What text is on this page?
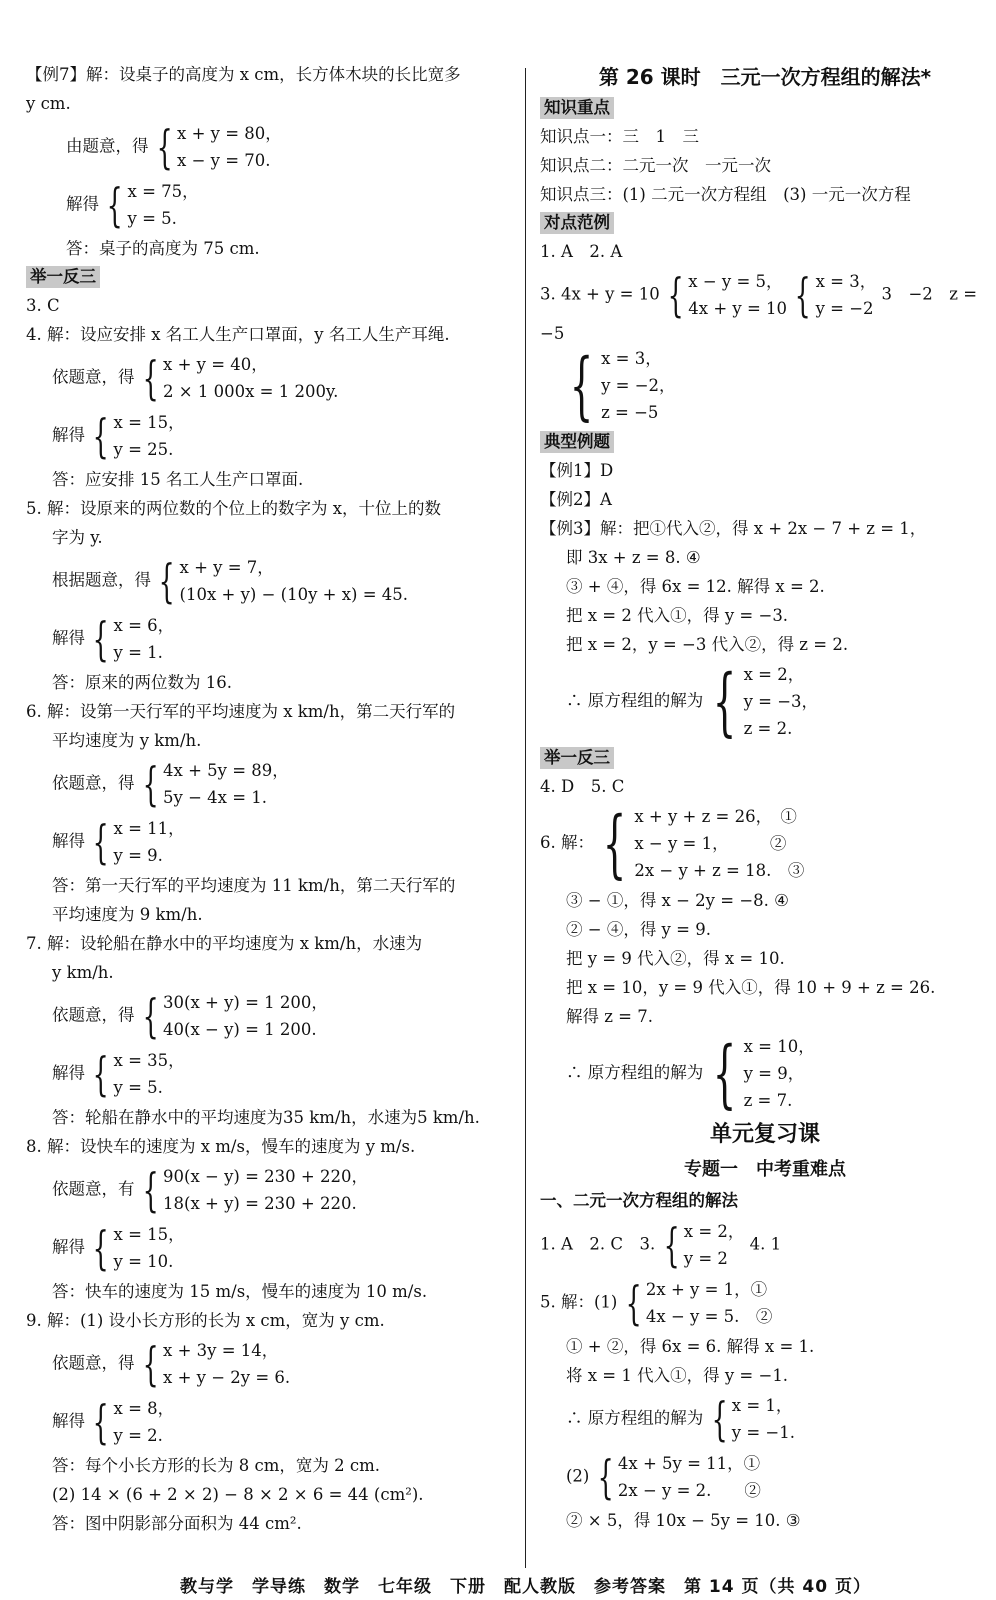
【例7】解：设桌子的高度为 x cm，长方体木块的长比宽多
y cm.
由题意，得 { x + y = 80，
x − y = 70.
解得 { x = 75，
y = 5.
答：桌子的高度为 75 cm.
举一反三
3. C
4. 解：设应安排 x 名工人生产口罩面，y 名工人生产耳绳.
依题意，得 { x + y = 40，
2 × 1 000x = 1 200y.
解得 { x = 15，
y = 25.
答：应安排 15 名工人生产口罩面.
5. 解：设原来的两位数的个位上的数字为 x，十位上的数
字为 y.
根据题意，得 { x + y = 7，
(10x + y) − (10y + x) = 45.
解得 { x = 6，
y = 1.
答：原来的两位数为 16.
6. 解：设第一天行军的平均速度为 x km/h，第二天行军的
平均速度为 y km/h.
依题意，得 { 4x + 5y = 89，
5y − 4x = 1.
解得 { x = 11，
y = 9.
答：第一天行军的平均速度为 11 km/h，第二天行军的
平均速度为 9 km/h.
7. 解：设轮船在静水中的平均速度为 x km/h，水速为
y km/h.
依题意，得 { 30(x + y) = 1 200，
40(x − y) = 1 200.
解得 { x = 35，
y = 5.
答：轮船在静水中的平均速度为35 km/h，水速为5 km/h.
8. 解：设快车的速度为 x m/s，慢车的速度为 y m/s.
依题意，有 { 90(x − y) = 230 + 220，
18(x + y) = 230 + 220.
解得 { x = 15，
y = 10.
答：快车的速度为 15 m/s，慢车的速度为 10 m/s.
9. 解：(1) 设小长方形的长为 x cm，宽为 y cm.
依题意，得 { x + 3y = 14，
x + y − 2y = 6.
解得 { x = 8，
y = 2.
答：每个小长方形的长为 8 cm，宽为 2 cm.
(2) 14 × (6 + 2 × 2) − 8 × 2 × 6 = 44 (cm²).
答：图中阴影部分面积为 44 cm².
第 26 课时　三元一次方程组的解法*
知识重点
知识点一：三　1　三
知识点二：二元一次　一元一次
知识点三：(1) 二元一次方程组　(3) 一元一次方程
对点范例
1. A　2. A
3. 4x + y = 10 { x − y = 5，
4x + y = 10
{ x = 3，
y = −2
3　−2　z = −5
{ x = 3，
y = −2，
z = −5
典型例题
【例1】D
【例2】A
【例3】解：把①代入②，得 x + 2x − 7 + z = 1，
即 3x + z = 8. ④
③ + ④，得 6x = 12. 解得 x = 2.
把 x = 2 代入①，得 y = −3.
把 x = 2，y = −3 代入②，得 z = 2.
∴ 原方程组的解为 { x = 2，
y = −3，
z = 2.
举一反三
4. D　5. C
6. 解： { x + y + z = 26，　①
x − y = 1，　　　②
2x − y + z = 18.　③
③ − ①，得 x − 2y = −8. ④
② − ④，得 y = 9.
把 y = 9 代入②，得 x = 10.
把 x = 10，y = 9 代入①，得 10 + 9 + z = 26.
解得 z = 7.
∴ 原方程组的解为 { x = 10，
y = 9，
z = 7.
单元复习课
专题一　中考重难点
一、二元一次方程组的解法
1. A　2. C　3. { x = 2，
y = 2
4. 1
5. 解：(1) { 2x + y = 1，①
4x − y = 5.　②
① + ②，得 6x = 6. 解得 x = 1.
将 x = 1 代入①，得 y = −1.
∴ 原方程组的解为 { x = 1，
y = −1.
(2) { 4x + 5y = 11，①
2x − y = 2.　　②
② × 5，得 10x − 5y = 10. ③
教与学　学导练　数学　七年级　下册　配人教版　参考答案　第 14 页（共 40 页）
